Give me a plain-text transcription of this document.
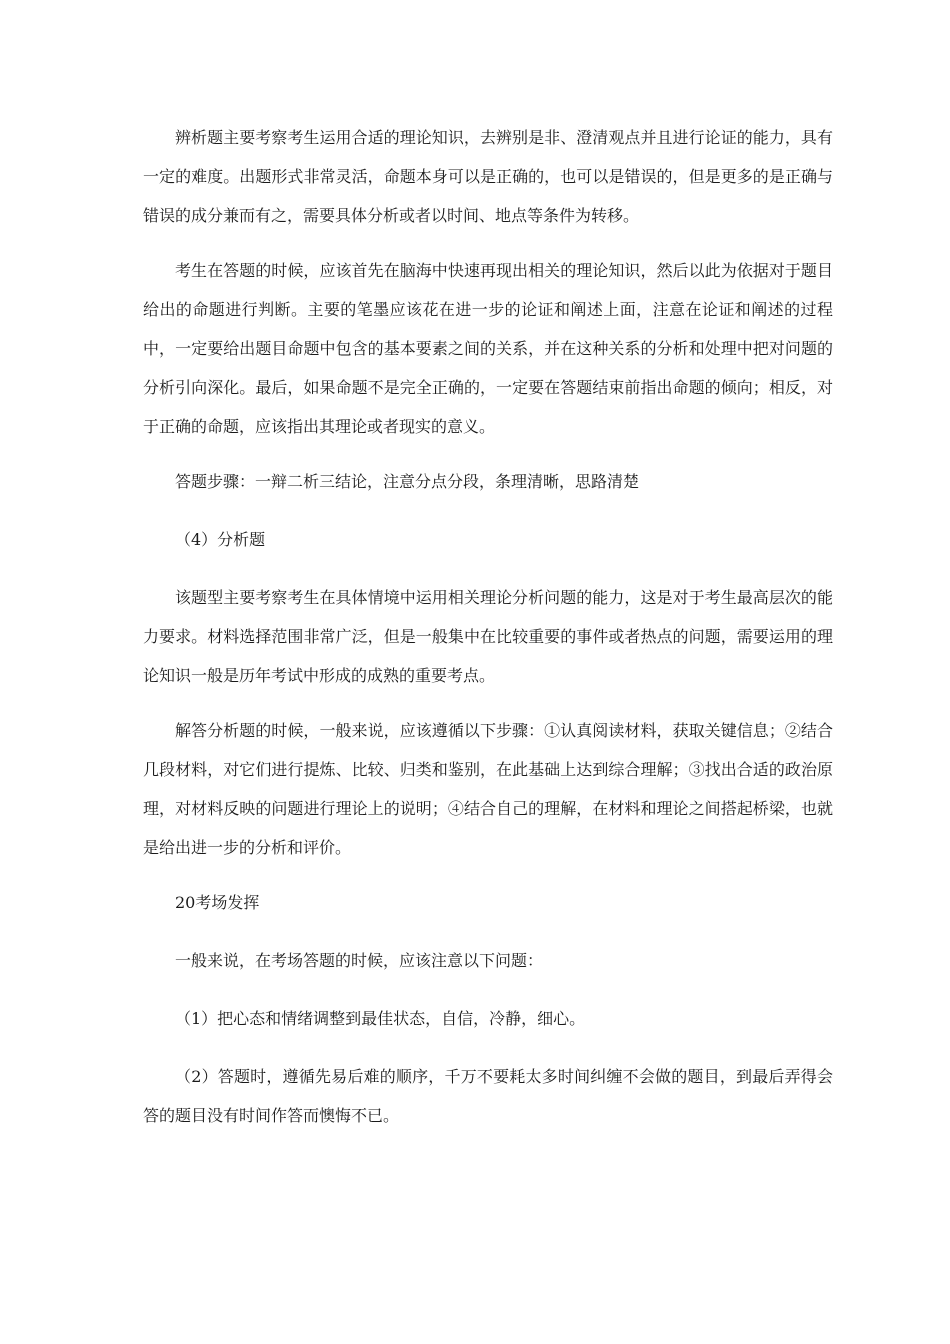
辨析题主要考察考生运用合适的理论知识，去辨别是非、澄清观点并且进行论证的能力，具有一定的难度。出题形式非常灵活，命题本身可以是正确的，也可以是错误的，但是更多的是正确与错误的成分兼而有之，需要具体分析或者以时间、地点等条件为转移。

考生在答题的时候，应该首先在脑海中快速再现出相关的理论知识，然后以此为依据对于题目给出的命题进行判断。主要的笔墨应该花在进一步的论证和阐述上面，注意在论证和阐述的过程中，一定要给出题目命题中包含的基本要素之间的关系，并在这种关系的分析和处理中把对问题的分析引向深化。最后，如果命题不是完全正确的，一定要在答题结束前指出命题的倾向；相反，对于正确的命题，应该指出其理论或者现实的意义。

答题步骤：一辩二析三结论，注意分点分段，条理清晰，思路清楚

（4）分析题

该题型主要考察考生在具体情境中运用相关理论分析问题的能力，这是对于考生最高层次的能力要求。材料选择范围非常广泛，但是一般集中在比较重要的事件或者热点的问题，需要运用的理论知识一般是历年考试中形成的成熟的重要考点。

解答分析题的时候，一般来说，应该遵循以下步骤：①认真阅读材料，获取关键信息；②结合几段材料，对它们进行提炼、比较、归类和鉴别，在此基础上达到综合理解；③找出合适的政治原理，对材料反映的问题进行理论上的说明；④结合自己的理解，在材料和理论之间搭起桥梁，也就是给出进一步的分析和评价。

20考场发挥

一般来说，在考场答题的时候，应该注意以下问题：

（1）把心态和情绪调整到最佳状态，自信，冷静，细心。

（2）答题时，遵循先易后难的顺序，千万不要耗太多时间纠缠不会做的题目，到最后弄得会答的题目没有时间作答而懊悔不已。
